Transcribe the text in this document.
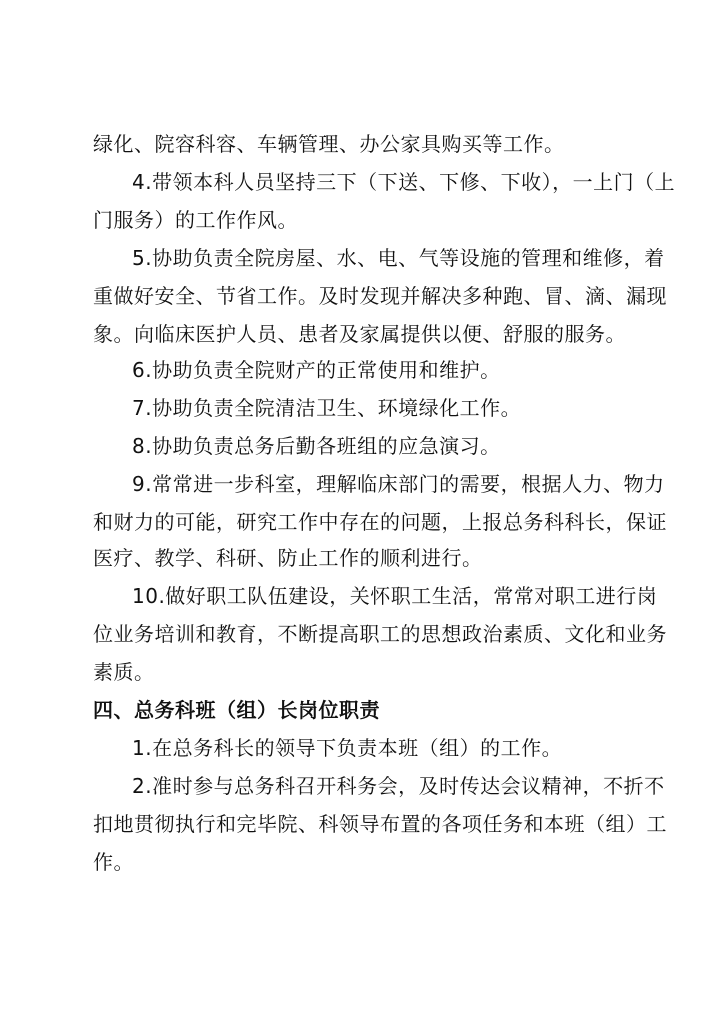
绿化、院容科容、车辆管理、办公家具购买等工作。
4.带领本科人员坚持三下（下送、下修、下收），一上门（上
门服务）的工作作风。
5.协助负责全院房屋、水、电、气等设施的管理和维修，着
重做好安全、节省工作。及时发现并解决多种跑、冒、滴、漏现
象。向临床医护人员、患者及家属提供以便、舒服的服务。
6.协助负责全院财产的正常使用和维护。
7.协助负责全院清洁卫生、环境绿化工作。
8.协助负责总务后勤各班组的应急演习。
9.常常进一步科室，理解临床部门的需要，根据人力、物力
和财力的可能，研究工作中存在的问题，上报总务科科长，保证
医疗、教学、科研、防止工作的顺利进行。
10.做好职工队伍建设，关怀职工生活，常常对职工进行岗
位业务培训和教育，不断提高职工的思想政治素质、文化和业务
素质。
四、总务科班（组）长岗位职责
1.在总务科长的领导下负责本班（组）的工作。
2.准时参与总务科召开科务会，及时传达会议精神，不折不
扣地贯彻执行和完毕院、科领导布置的各项任务和本班（组）工
作。
